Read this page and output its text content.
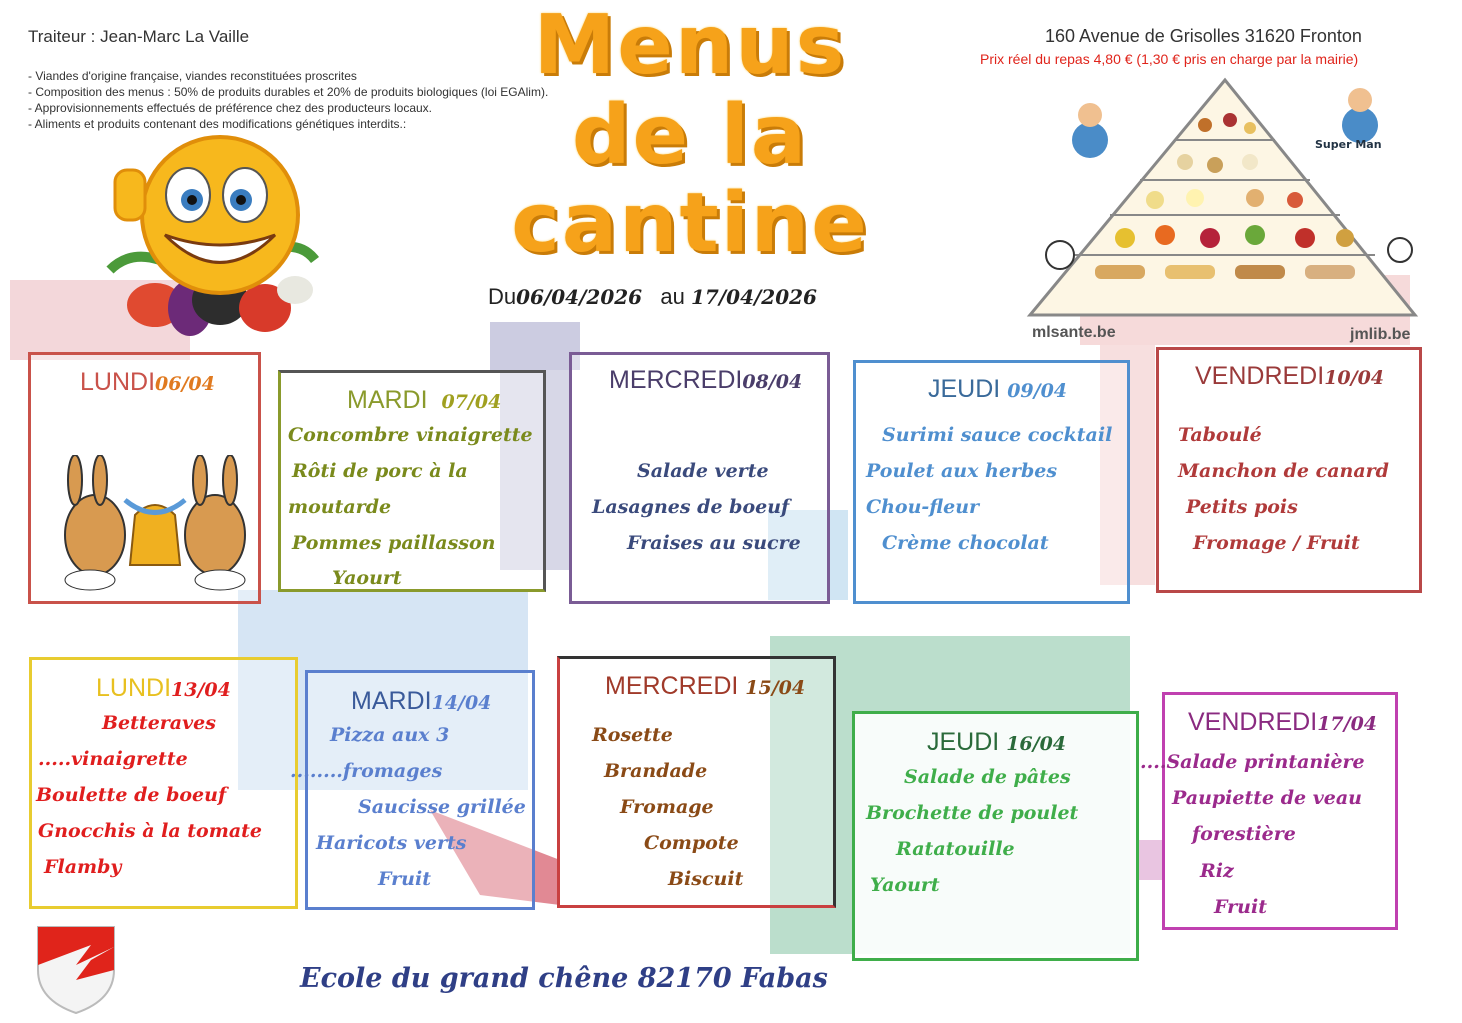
Traiteur : Jean-Marc La Vaille
- Viandes d'origine française, viandes reconstituées proscrites
- Composition des menus : 50% de produits durables et 20% de produits biologiques (loi EGAlim).
- Approvisionnements effectués de préférence chez des producteurs locaux.
- Aliments et produits contenant des modifications génétiques interdits.:
160 Avenue de Grisolles 31620 Fronton
Prix réel du repas 4,80 € (1,30 € pris en charge par la mairie)
Menus
de la
cantine
Du06/04/2026 au 17/04/2026
Super Man
mlsante.be	jmlib.be
LUNDI06/04
MARDI 07/04
Concombre vinaigrette
Rôti de porc à la
moutarde
Pommes paillasson
Yaourt
MERCREDI08/04
Salade verte
Lasagnes de boeuf
Fraises au sucre
JEUDI 09/04
Surimi sauce cocktail
Poulet aux herbes
Chou-fleur
Crème chocolat
VENDREDI10/04
Taboulé
Manchon de canard
Petits pois
Fromage / Fruit
LUNDI13/04
Betteraves
.....vinaigrette
Boulette de boeuf
Gnocchis à la tomate
Flamby
MARDI14/04
Pizza aux 3
........fromages
Saucisse grillée
Haricots verts
Fruit
MERCREDI 15/04
Rosette
Brandade
Fromage
Compote
Biscuit
JEUDI 16/04
Salade de pâtes
Brochette de poulet
Ratatouille
Yaourt
VENDREDI17/04
....Salade printanière
Paupiette de veau
forestière
Riz
Fruit
Ecole du grand chêne 82170 Fabas
